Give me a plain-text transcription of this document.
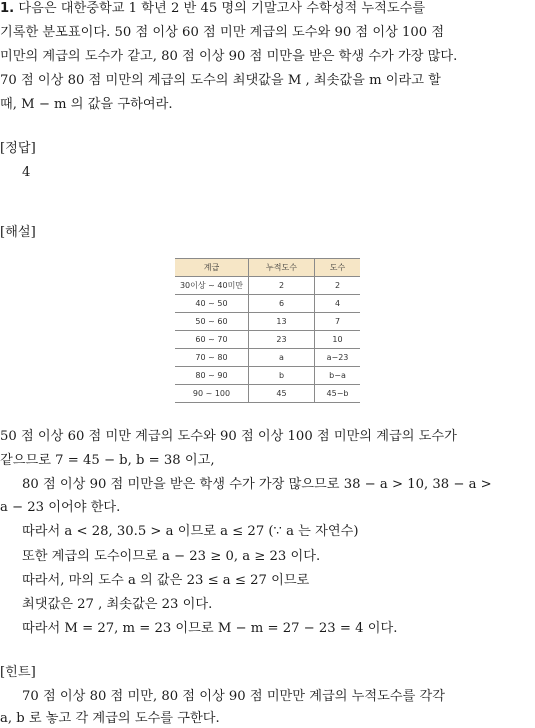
1. 다음은 대한중학교 1 학년 2 반 45 명의 기말고사 수학성적 누적도수를
기록한 분포표이다. 50 점 이상 60 점 미만 계급의 도수와 90 점 이상 100 점
미만의 계급의 도수가 같고, 80 점 이상 90 점 미만을 받은 학생 수가 가장 많다.
70 점 이상 80 점 미만의 계급의 도수의 최댓값을 M , 최솟값을 m 이라고 할
때, M − m 의 값을 구하여라.
[정답]
4
[해설]
계급	누적도수	도수
30이상 ~ 40미만	2	2
40 ~ 50	6	4
50 ~ 60	13	7
60 ~ 70	23	10
70 ~ 80	a	a−23
80 ~ 90	b	b−a
90 ~ 100	45	45−b
50 점 이상 60 점 미만 계급의 도수와 90 점 이상 100 점 미만의 계급의 도수가
같으므로 7 = 45 − b, b = 38 이고,
80 점 이상 90 점 미만을 받은 학생 수가 가장 많으므로 38 − a > 10, 38 − a >
a − 23 이어야 한다.
따라서 a < 28, 30.5 > a 이므로 a ≤ 27 (∵ a 는 자연수)
또한 계급의 도수이므로 a − 23 ≥ 0, a ≥ 23 이다.
따라서, 마의 도수 a 의 값은 23 ≤ a ≤ 27 이므로
최댓값은 27 , 최솟값은 23 이다.
따라서 M = 27, m = 23 이므로 M − m = 27 − 23 = 4 이다.
[힌트]
70 점 이상 80 점 미만, 80 점 이상 90 점 미만만 계급의 누적도수를 각각
a, b 로 놓고 각 계급의 도수를 구한다.
